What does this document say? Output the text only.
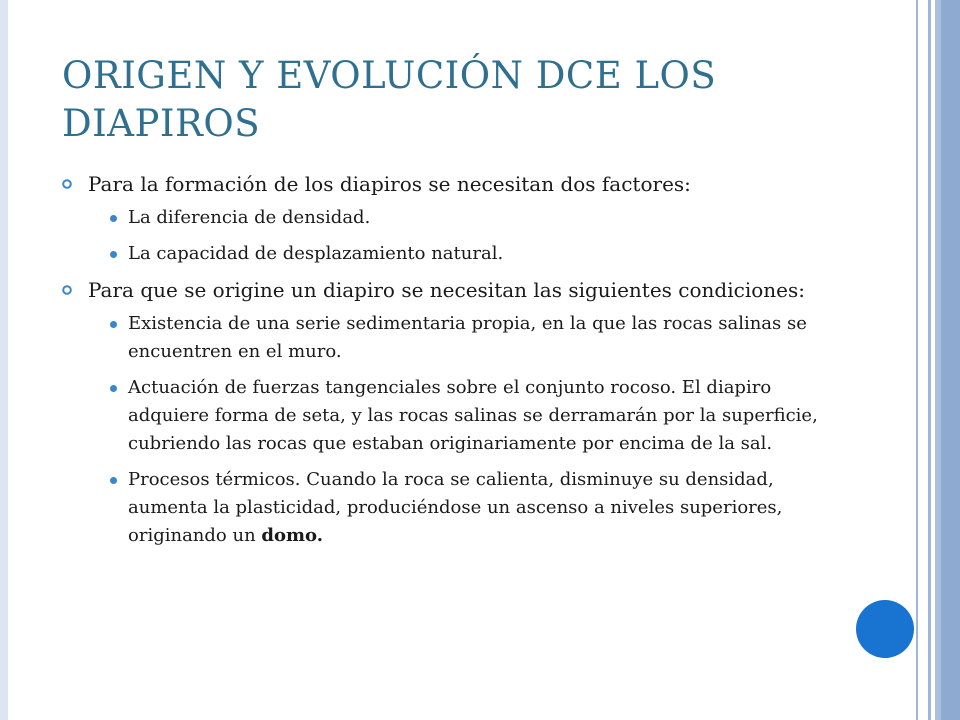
ORIGEN Y EVOLUCIÓN DCE LOS DIAPIROS
Para la formación de los diapiros se necesitan dos factores:
La diferencia de densidad.
La capacidad de desplazamiento natural.
Para que se origine un diapiro se necesitan las siguientes condiciones:
Existencia de una serie sedimentaria propia, en la que las rocas salinas se encuentren en el muro.
Actuación de fuerzas tangenciales sobre el conjunto rocoso. El diapiro adquiere forma de seta, y las rocas salinas se derramarán por la superficie, cubriendo las rocas que estaban originariamente por encima de la sal.
Procesos térmicos. Cuando la roca se calienta, disminuye su densidad, aumenta la plasticidad, produciéndose un ascenso a niveles superiores, originando un domo.
